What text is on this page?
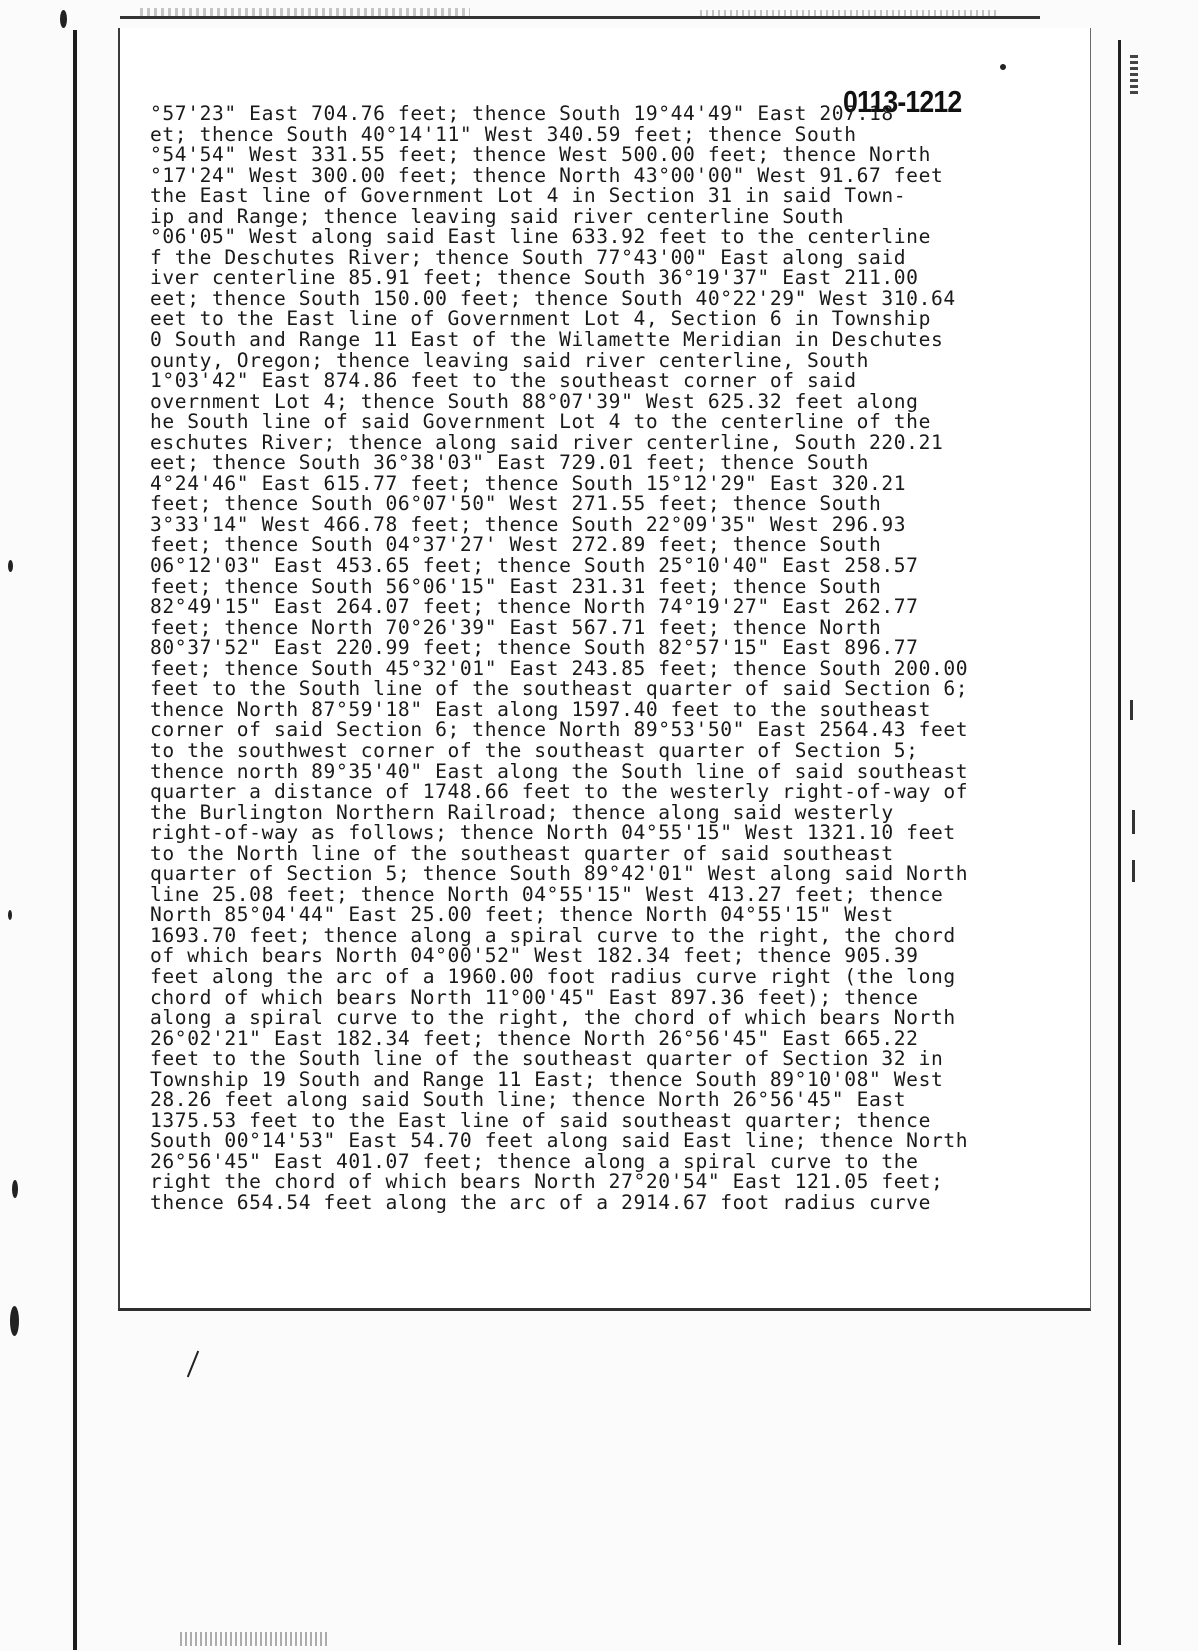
0113-1212
°57'23" East 704.76 feet; thence South 19°44'49" East 207.18
et; thence South 40°14'11" West 340.59 feet; thence South
°54'54" West 331.55 feet; thence West 500.00 feet; thence North
°17'24" West 300.00 feet; thence North 43°00'00" West 91.67 feet
the East line of Government Lot 4 in Section 31 in said Town-
ip and Range; thence leaving said river centerline South
°06'05" West along said East line 633.92 feet to the centerline
f the Deschutes River; thence South 77°43'00" East along said
iver centerline 85.91 feet; thence South 36°19'37" East 211.00
eet; thence South 150.00 feet; thence South 40°22'29" West 310.64
eet to the East line of Government Lot 4, Section 6 in Township
0 South and Range 11 East of the Wilamette Meridian in Deschutes
ounty, Oregon; thence leaving said river centerline, South
1°03'42" East 874.86 feet to the southeast corner of said
overnment Lot 4; thence South 88°07'39" West 625.32 feet along
he South line of said Government Lot 4 to the centerline of the
eschutes River; thence along said river centerline, South 220.21
eet; thence South 36°38'03" East 729.01 feet; thence South
4°24'46" East 615.77 feet; thence South 15°12'29" East 320.21
feet; thence South 06°07'50" West 271.55 feet; thence South
3°33'14" West 466.78 feet; thence South 22°09'35" West 296.93
feet; thence South 04°37'27' West 272.89 feet; thence South
06°12'03" East 453.65 feet; thence South 25°10'40" East 258.57
feet; thence South 56°06'15" East 231.31 feet; thence South
82°49'15" East 264.07 feet; thence North 74°19'27" East 262.77
feet; thence North 70°26'39" East 567.71 feet; thence North
80°37'52" East 220.99 feet; thence South 82°57'15" East 896.77
feet; thence South 45°32'01" East 243.85 feet; thence South 200.00
feet to the South line of the southeast quarter of said Section 6;
thence North 87°59'18" East along 1597.40 feet to the southeast
corner of said Section 6; thence North 89°53'50" East 2564.43 feet
to the southwest corner of the southeast quarter of Section 5;
thence north 89°35'40" East along the South line of said southeast
quarter a distance of 1748.66 feet to the westerly right-of-way of
the Burlington Northern Railroad; thence along said westerly
right-of-way as follows; thence North 04°55'15" West 1321.10 feet
to the North line of the southeast quarter of said southeast
quarter of Section 5; thence South 89°42'01" West along said North
line 25.08 feet; thence North 04°55'15" West 413.27 feet; thence
North 85°04'44" East 25.00 feet; thence North 04°55'15" West
1693.70 feet; thence along a spiral curve to the right, the chord
of which bears North 04°00'52" West 182.34 feet; thence 905.39
feet along the arc of a 1960.00 foot radius curve right (the long
chord of which bears North 11°00'45" East 897.36 feet); thence
along a spiral curve to the right, the chord of which bears North
26°02'21" East 182.34 feet; thence North 26°56'45" East 665.22
feet to the South line of the southeast quarter of Section 32 in
Township 19 South and Range 11 East; thence South 89°10'08" West
28.26 feet along said South line; thence North 26°56'45" East
1375.53 feet to the East line of said southeast quarter; thence
South 00°14'53" East 54.70 feet along said East line; thence North
26°56'45" East 401.07 feet; thence along a spiral curve to the
right the chord of which bears North 27°20'54" East 121.05 feet;
thence 654.54 feet along the arc of a 2914.67 foot radius curve
